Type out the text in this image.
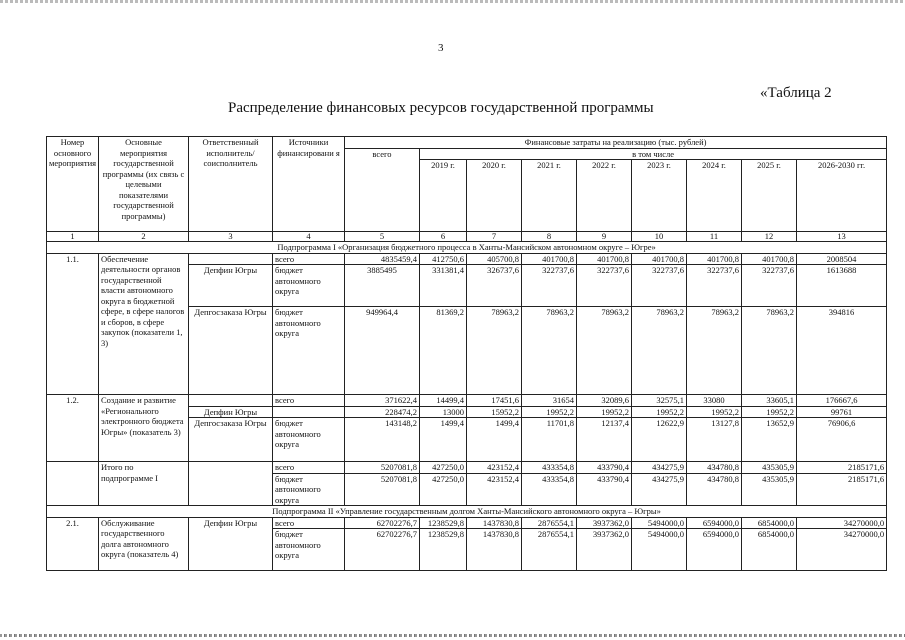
3
«Таблица 2
Распределение финансовых ресурсов государственной программы
Номер основного мероприятия	Основные мероприятия государственной программы (их связь с целевыми показателями государственной программы)	Ответственный исполнитель/ соисполнитель	Источники финансировани я	Финансовые затраты на реализацию (тыс. рублей)								
				всего	в том числе							
					2019 г.	2020 г.	2021 г.	2022 г.	2023 г.	2024 г.	2025 г.	2026-2030 гг.
1	2	3	4	5	6	7	8	9	10	11	12	13
Подпрограмма I «Организация бюджетного процесса в Ханты-Мансийском автономном округе – Югре»												
1.1.	Обеспечение деятельности органов государственной власти автономного округа в бюджетной сфере, в сфере налогов и сборов, в сфере закупок (показатели 1, 3)		всего	4835459,4	412750,6	405700,8	401700,8	401700,8	401700,8	401700,8	401700,8	2008504
		Депфин Югры	бюджет автономного округа	3885495	331381,4	326737,6	322737,6	322737,6	322737,6	322737,6	322737,6	1613688
		Депгосзаказа Югры	бюджет автономного округа	949964,4	81369,2	78963,2	78963,2	78963,2	78963,2	78963,2	78963,2	394816
1.2.	Создание и развитие «Регионального электронного бюджета Югры» (показатель 3)		всего	371622,4	14499,4	17451,6	31654	32089,6	32575,1	33080	33605,1	176667,6
		Депфин Югры		228474,2	13000	15952,2	19952,2	19952,2	19952,2	19952,2	19952,2	99761
		Депгосзаказа Югры	бюджет автономного округа	143148,2	1499,4	1499,4	11701,8	12137,4	12622,9	13127,8	13652,9	76906,6
	Итого по подпрограмме I		всего	5207081,8	427250,0	423152,4	433354,8	433790,4	434275,9	434780,8	435305,9	2185171,6
			бюджет автономного округа	5207081,8	427250,0	423152,4	433354,8	433790,4	434275,9	434780,8	435305,9	2185171,6
Подпрограмма II «Управление государственным долгом Ханты-Мансийского автономного округа – Югры»												
2.1.	Обслуживание государственного долга автономного округа (показатель 4)	Депфин Югры	всего	62702276,7	1238529,8	1437830,8	2876554,1	3937362,0	5494000,0	6594000,0	6854000,0	34270000,0
			бюджет автономного округа	62702276,7	1238529,8	1437830,8	2876554,1	3937362,0	5494000,0	6594000,0	6854000,0	34270000,0
